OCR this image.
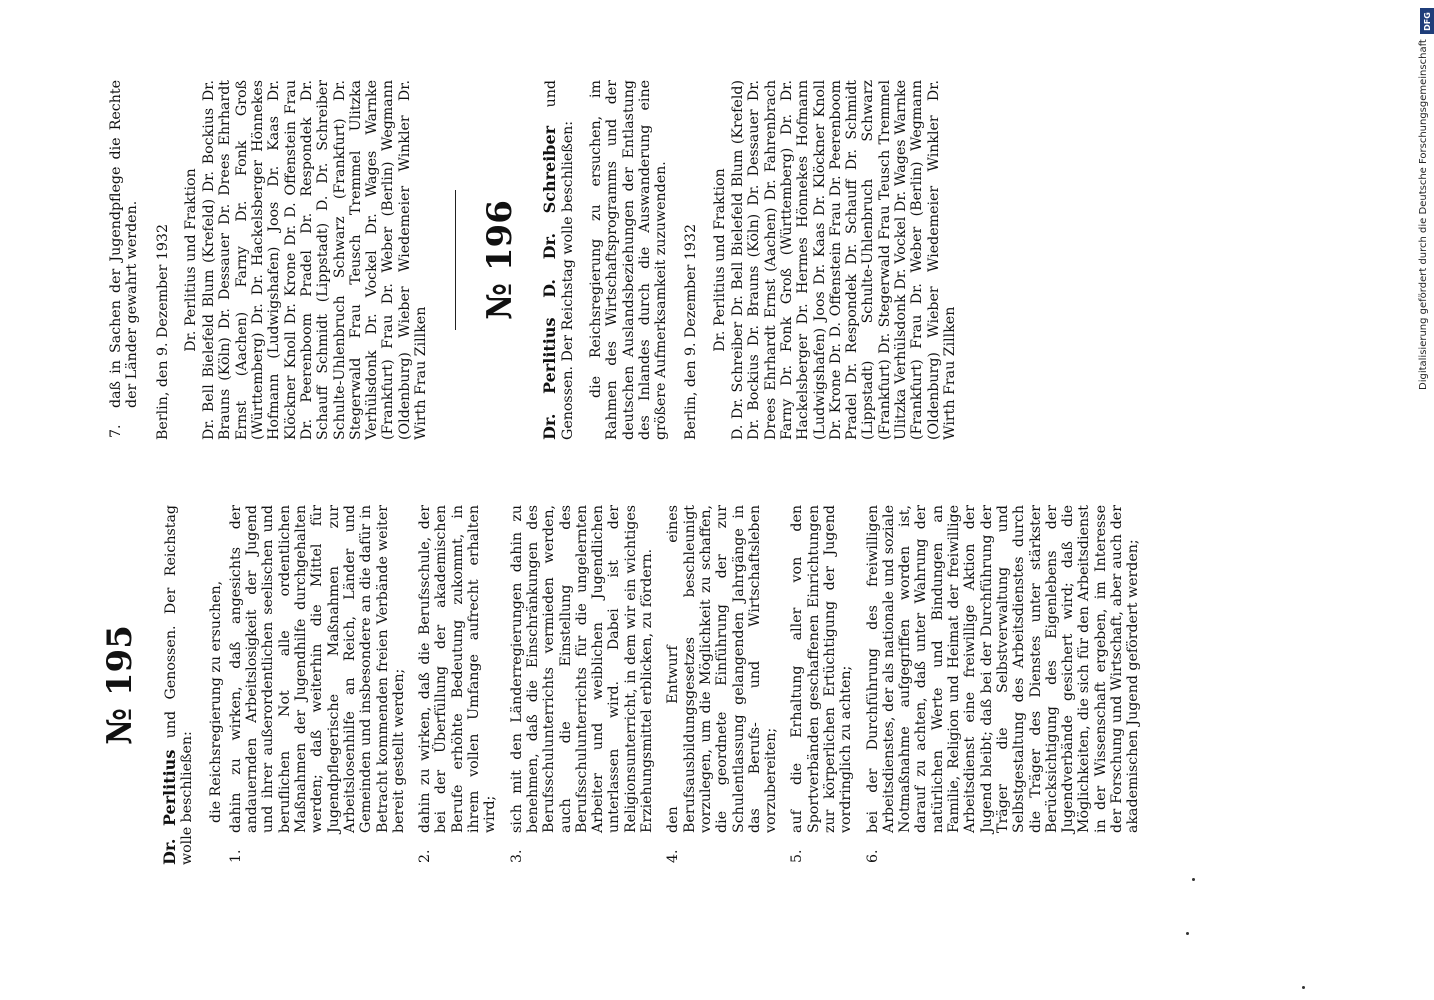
№ 195

Dr. Perlitius und Genossen. Der Reichstag wolle beschließen: die Reichsregierung zu ersuchen,

1.

dahin zu wirken, daß angesichts der andauernden Arbeitslosigkeit der Jugend und ihrer außerordentlichen seelischen und beruflichen Not alle ordentlichen Maßnahmen der Jugendhilfe durchgehalten werden; daß weiterhin die Mittel für Jugendpflegerische Maßnahmen zur Arbeitslosenhilfe an Reich, Länder und Gemeinden und insbesondere an die dafür in Betracht kommenden freien Verbände weiter bereit gestellt werden;

2.

dahin zu wirken, daß die Berufsschule, der bei der Überfüllung der akademischen Berufe erhöhte Bedeutung zukommt, in ihrem vollen Umfange aufrecht erhalten wird;

3.

sich mit den Länderregierungen dahin zu benehmen, daß die Einschränkungen des Berufsschulunterrichts vermieden werden, auch die Einstellung des Berufsschulunterrichts für die ungelernten Arbeiter und weiblichen Jugendlichen unterlassen wird. Dabei ist der Religionsunterricht, in dem wir ein wichtiges Erziehungsmittel erblicken, zu fördern.

4.

den Entwurf eines Berufsausbildungsgesetzes beschleunigt vorzulegen, um die Möglichkeit zu schaffen, die geordnete Einführung der zur Schulentlassung gelangenden Jahrgänge in das Berufs- und Wirtschaftsleben vorzubereiten;

5.

auf die Erhaltung aller von den Sportverbänden geschaffenen Einrichtungen zur körperlichen Ertüchtigung der Jugend vordringlich zu achten;

6.

bei der Durchführung des freiwilligen Arbeitsdienstes, der als nationale und soziale Notmaßnahme aufgegriffen worden ist, darauf zu achten, daß unter Wahrung der natürlichen Werte und Bindungen an Familie, Religion und Heimat der freiwillige Arbeitsdienst eine freiwillige Aktion der Jugend bleibt; daß bei der Durchführung der Träger die Selbstverwaltung und Selbstgestaltung des Arbeitsdienstes durch die Träger des Dienstes unter stärkster Berücksichtigung des Eigenlebens der Jugendverbände gesichert wird; daß die Möglichkeiten, die sich für den Arbeitsdienst in der Wissenschaft ergeben, im Interesse der Forschung und Wirtschaft, aber auch der akademischen Jugend gefördert werden;

7.

daß in Sachen der Jugendpflege die Rechte der Länder gewahrt werden. Berlin, den 9. Dezember 1932 Dr. Perlitius und Fraktion Dr. Bell Bielefeld Blum (Krefeld) Dr. Bockius Dr. Brauns (Köln) Dr. Dessauer Dr. Drees Ehrhardt Ernst (Aachen) Farny Dr. Fonk Groß (Württemberg) Dr. Dr. Hackelsberger Hönnekes Hofmann (Ludwigshafen) Joos Dr. Kaas Dr. Klöckner Knoll Dr. Krone Dr. D. Offenstein Frau Dr. Peerenboom Pradel Dr. Respondek Dr. Schauff Schmidt (Lippstadt) D. Dr. Schreiber Schulte-Uhlenbruch Schwarz (Frankfurt) Dr. Stegerwald Frau Teusch Tremmel Ulitzka Verhülsdonk Dr. Vockel Dr. Wages Warnke (Frankfurt) Frau Dr. Weber (Berlin) Wegmann (Oldenburg) Wieber Wiedemeier Winkler Dr. Wirth Frau Zillken

№ 196 Dr. Perlitius D. Dr. Schreiber und Genossen. Der Reichstag wolle beschließen: die Reichsregierung zu ersuchen, im Rahmen des Wirtschaftsprogramms und der deutschen Auslandsbeziehungen der Entlastung des Inlandes durch die Auswanderung eine größere Aufmerksamkeit zuzuwenden. Berlin, den 9. Dezember 1932 Dr. Perlitius und Fraktion D. Dr. Schreiber Dr. Bell Bielefeld Blum (Krefeld) Dr. Bockius Dr. Brauns (Köln) Dr. Dessauer Dr. Drees Ehrhardt Ernst (Aachen) Dr. Fahrenbrach Farny Dr. Fonk Groß (Württemberg) Dr. Dr. Hackelsberger Dr. Hermes Hönnekes Hofmann (Ludwigshafen) Joos Dr. Kaas Dr. Klöckner Knoll Dr. Krone Dr. D. Offenstein Frau Dr. Peerenboom Pradel Dr. Respondek Dr. Schauff Dr. Schmidt (Lippstadt) Schulte-Uhlenbruch Schwarz (Frankfurt) Dr. Stegerwald Frau Teusch Tremmel Ulitzka Verhülsdonk Dr. Vockel Dr. Wages Warnke (Frankfurt) Frau Dr. Weber (Berlin) Wegmann (Oldenburg) Wieber Wiedemeier Winkler Dr. Wirth Frau Zillken

DFG
Digitalisierung gefördert durch die Deutsche Forschungsgemeinschaft
